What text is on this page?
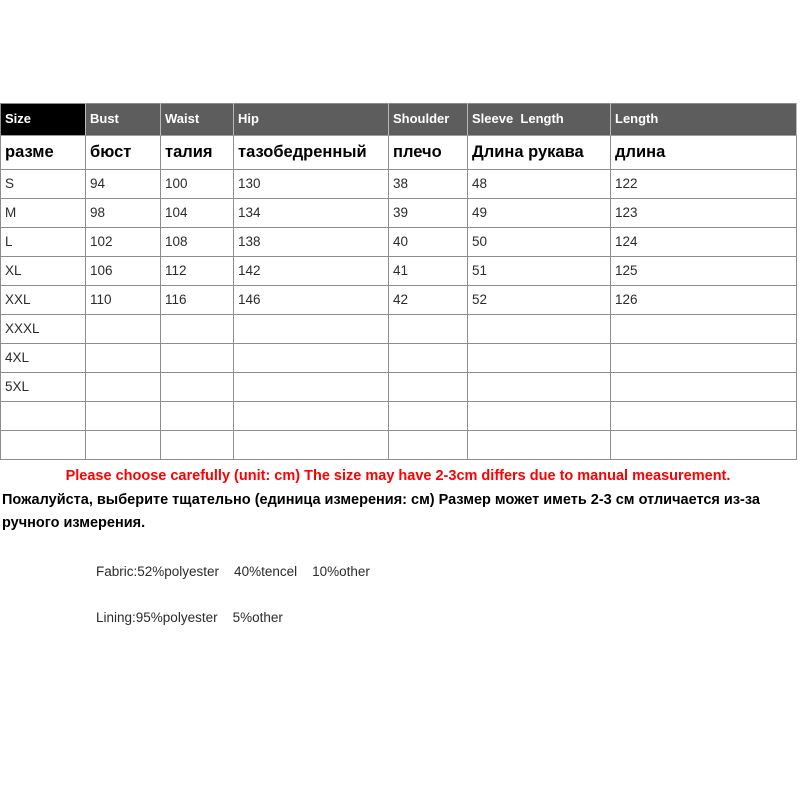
Size	Bust	Waist	Hip	Shoulder	Sleeve  Length	Length
разме	бюст	талия	тазобедренный	плечо	Длина рукава	длина
S	94	100	130	38	48	122
M	98	104	134	39	49	123
L	102	108	138	40	50	124
XL	106	112	142	41	51	125
XXL	110	116	146	42	52	126
XXXL						
4XL						
5XL						

Please choose carefully (unit: cm) The size may have 2-3cm differs due to manual measurement.
Пожалуйста, выберите тщательно (единица измерения: см) Размер может иметь 2-3 см отличается из-за ручного измерения.
Fabric:52%polyester    40%tencel    10%other
Lining:95%polyester    5%other
